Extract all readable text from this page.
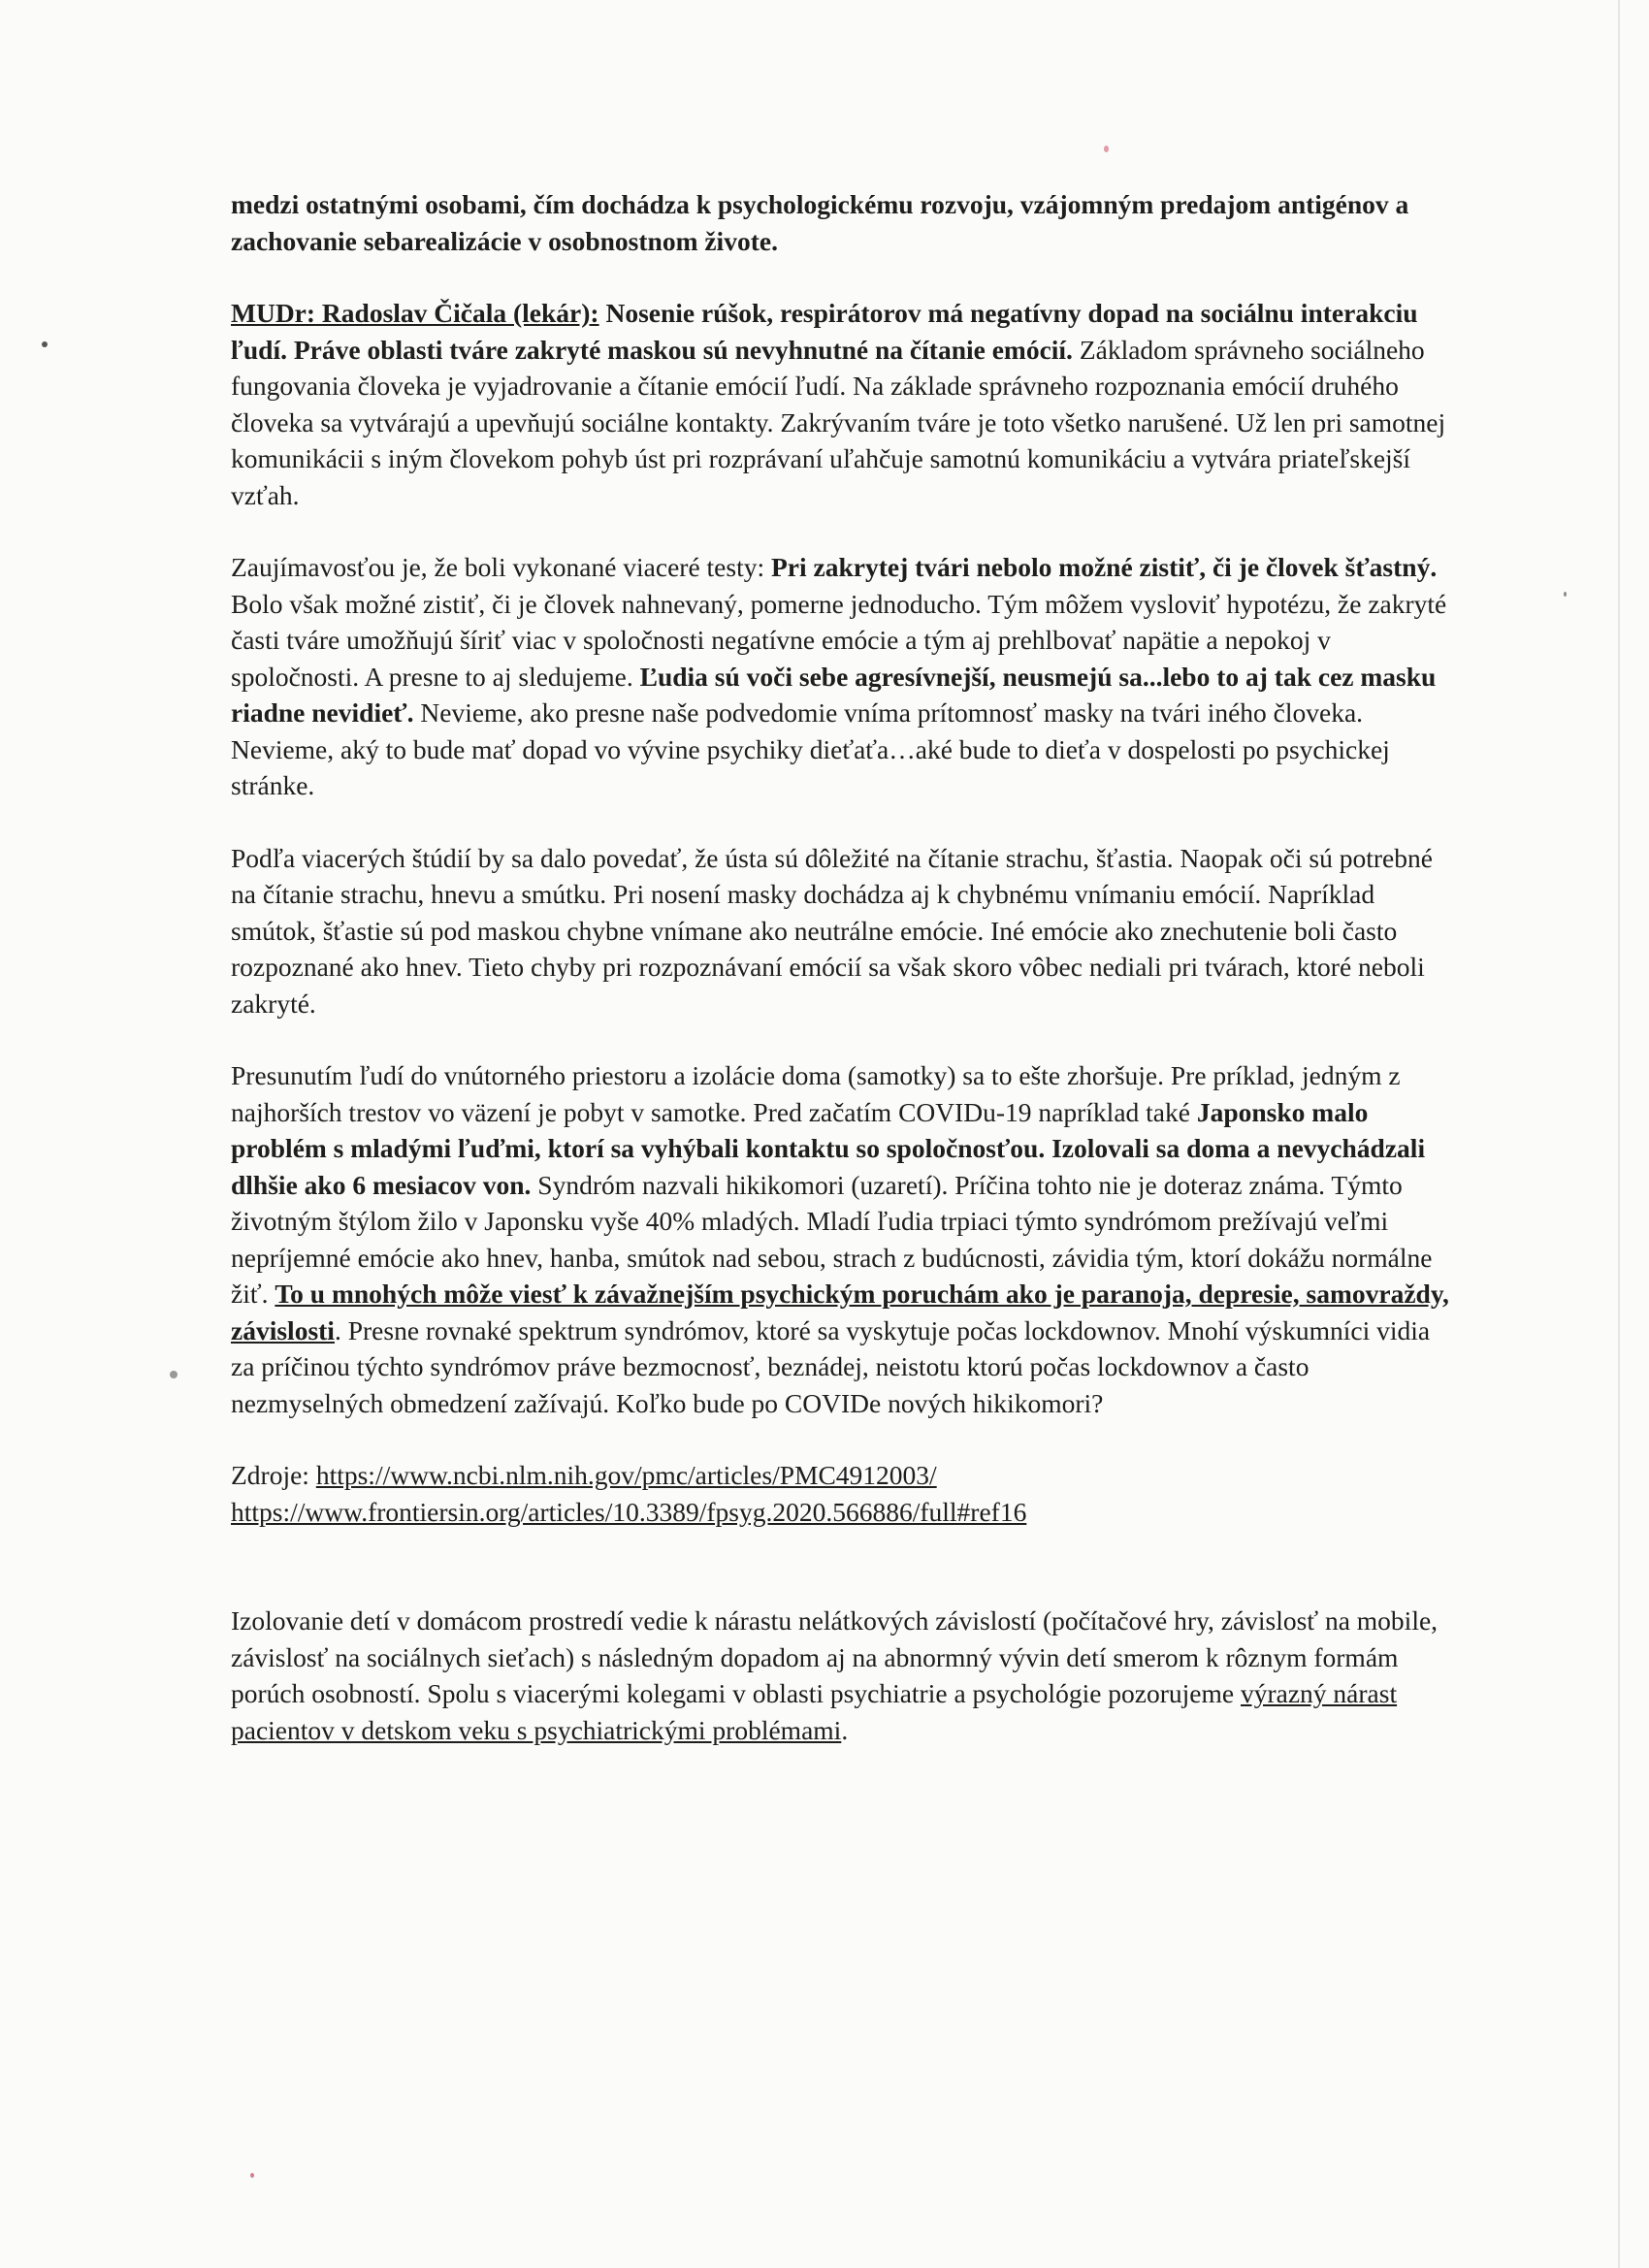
medzi ostatnými osobami, čím dochádza k psychologickému rozvoju, vzájomným predajom antigénov a zachovanie sebarealizácie v osobnostnom živote.

MUDr: Radoslav Čičala (lekár): Nosenie rúšok, respirátorov má negatívny dopad na sociálnu interakciu ľudí. Práve oblasti tváre zakryté maskou sú nevyhnutné na čítanie emócií. Základom správneho sociálneho fungovania človeka je vyjadrovanie a čítanie emócií ľudí. Na základe správneho rozpoznania emócií druhého človeka sa vytvárajú a upevňujú sociálne kontakty. Zakrývaním tváre je toto všetko narušené. Už len pri samotnej komunikácii s iným človekom pohyb úst pri rozprávaní uľahčuje samotnú komunikáciu a vytvára priateľskejší vzťah.

Zaujímavosťou je, že boli vykonané viaceré testy: Pri zakrytej tvári nebolo možné zistiť, či je človek šťastný. Bolo však možné zistiť, či je človek nahnevaný, pomerne jednoducho. Tým môžem vysloviť hypotézu, že zakryté časti tváre umožňujú šíriť viac v spoločnosti negatívne emócie a tým aj prehlbovať napätie a nepokoj v spoločnosti. A presne to aj sledujeme. Ľudia sú voči sebe agresívnejší, neusmejú sa...lebo to aj tak cez masku riadne nevidieť. Nevieme, ako presne naše podvedomie vníma prítomnosť masky na tvári iného človeka. Nevieme, aký to bude mať dopad vo vývine psychiky dieťaťa…aké bude to dieťa v dospelosti po psychickej stránke.

Podľa viacerých štúdií by sa dalo povedať, že ústa sú dôležité na čítanie strachu, šťastia. Naopak oči sú potrebné na čítanie strachu, hnevu a smútku. Pri nosení masky dochádza aj k chybnému vnímaniu emócií. Napríklad smútok, šťastie sú pod maskou chybne vnímane ako neutrálne emócie. Iné emócie ako znechutenie boli často rozpoznané ako hnev. Tieto chyby pri rozpoznávaní emócií sa však skoro vôbec nediali pri tvárach, ktoré neboli zakryté.

Presunutím ľudí do vnútorného priestoru a izolácie doma (samotky) sa to ešte zhoršuje. Pre príklad, jedným z najhorších trestov vo väzení je pobyt v samotke. Pred začatím COVIDu-19 napríklad také Japonsko malo problém s mladými ľuďmi, ktorí sa vyhýbali kontaktu so spoločnosťou. Izolovali sa doma a nevychádzali dlhšie ako 6 mesiacov von. Syndróm nazvali hikikomori (uzaretí). Príčina tohto nie je doteraz známa. Týmto životným štýlom žilo v Japonsku vyše 40% mladých. Mladí ľudia trpiaci týmto syndrómom prežívajú veľmi nepríjemné emócie ako hnev, hanba, smútok nad sebou, strach z budúcnosti, závidia tým, ktorí dokážu normálne žiť. To u mnohých môže viesť k závažnejším psychickým poruchám ako je paranoja, depresie, samovraždy, závislosti. Presne rovnaké spektrum syndrómov, ktoré sa vyskytuje počas lockdownov. Mnohí výskumníci vidia za príčinou týchto syndrómov práve bezmocnosť, beznádej, neistotu ktorú počas lockdownov a často nezmyselných obmedzení zažívajú. Koľko bude po COVIDe nových hikikomori?

Zdroje: https://www.ncbi.nlm.nih.gov/pmc/articles/PMC4912003/
https://www.frontiersin.org/articles/10.3389/fpsyg.2020.566886/full#ref16

Izolovanie detí v domácom prostredí vedie k nárastu nelátkových závislostí (počítačové hry, závislosť na mobile, závislosť na sociálnych sieťach) s následným dopadom aj na abnormný vývin detí smerom k rôznym formám porúch osobností. Spolu s viacerými kolegami v oblasti psychiatrie a psychológie pozorujeme výrazný nárast pacientov v detskom veku s psychiatrickými problémami.
